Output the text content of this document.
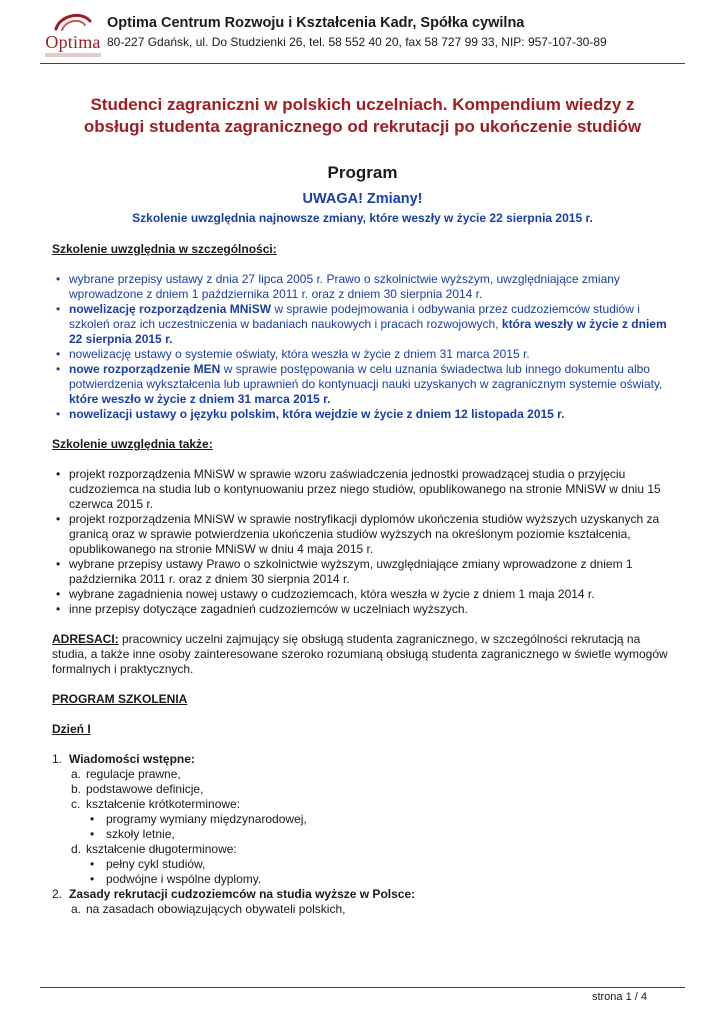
Optima
Optima Centrum Rozwoju i Kształcenia Kadr, Spółka cywilna
80-227 Gdańsk, ul. Do Studzienki 26, tel. 58 552 40 20, fax 58 727 99 33, NIP: 957-107-30-89
Studenci zagraniczni w polskich uczelniach. Kompendium wiedzy z
obsługi studenta zagranicznego od rekrutacji po ukończenie studiów
Program
UWAGA! Zmiany!
Szkolenie uwzględnia najnowsze zmiany, które weszły w życie 22 sierpnia 2015 r.

Szkolenie uwzględnia w szczególności:

• wybrane przepisy ustawy z dnia 27 lipca 2005 r. Prawo o szkolnictwie wyższym, uwzględniające zmiany wprowadzone z dniem 1 października 2011 r. oraz z dniem 30 sierpnia 2014 r.
• nowelizację rozporządzenia MNiSW w sprawie podejmowania i odbywania przez cudzoziemców studiów i szkoleń oraz ich uczestniczenia w badaniach naukowych i pracach rozwojowych, która weszły w życie z dniem 22 sierpnia 2015 r.
• nowelizację ustawy o systemie oświaty, która weszła w życie z dniem 31 marca 2015 r.
• nowe rozporządzenie MEN w sprawie postępowania w celu uznania świadectwa lub innego dokumentu albo potwierdzenia wykształcenia lub uprawnień do kontynuacji nauki uzyskanych w zagranicznym systemie oświaty, które weszło w życie z dniem 31 marca 2015 r.
• nowelizacji ustawy o języku polskim, która wejdzie w życie z dniem 12 listopada 2015 r.

Szkolenie uwzględnia także:

• projekt rozporządzenia MNiSW w sprawie wzoru zaświadczenia jednostki prowadzącej studia o przyjęciu cudzoziemca na studia lub o kontynuowaniu przez niego studiów, opublikowanego na stronie MNiSW w dniu 15 czerwca 2015 r.
• projekt rozporządzenia MNiSW w sprawie nostryfikacji dyplomów ukończenia studiów wyższych uzyskanych za granicą oraz w sprawie potwierdzenia ukończenia studiów wyższych na określonym poziomie kształcenia, opublikowanego na stronie MNiSW w dniu 4 maja 2015 r.
• wybrane przepisy ustawy Prawo o szkolnictwie wyższym, uwzględniające zmiany wprowadzone z dniem 1 października 2011 r. oraz z dniem 30 sierpnia 2014 r.
• wybrane zagadnienia nowej ustawy o cudzoziemcach, która weszła w życie z dniem 1 maja 2014 r.
• inne przepisy dotyczące zagadnień cudzoziemców w uczelniach wyższych.

ADRESACI: pracownicy uczelni zajmujący się obsługą studenta zagranicznego, w szczególności rekrutacją na studia, a także inne osoby zainteresowane szeroko rozumianą obsługą studenta zagranicznego w świetle wymogów formalnych i praktycznych.

PROGRAM SZKOLENIA

Dzień I

1. Wiadomości wstępne:
a. regulacje prawne,
b. podstawowe definicje,
c. kształcenie krótkoterminowe:
• programy wymiany międzynarodowej,
• szkoły letnie,
d. kształcenie długoterminowe:
• pełny cykl studiów,
• podwójne i wspólne dyplomy.
2. Zasady rekrutacji cudzoziemców na studia wyższe w Polsce:
a. na zasadach obowiązujących obywateli polskich,
strona 1 / 4
